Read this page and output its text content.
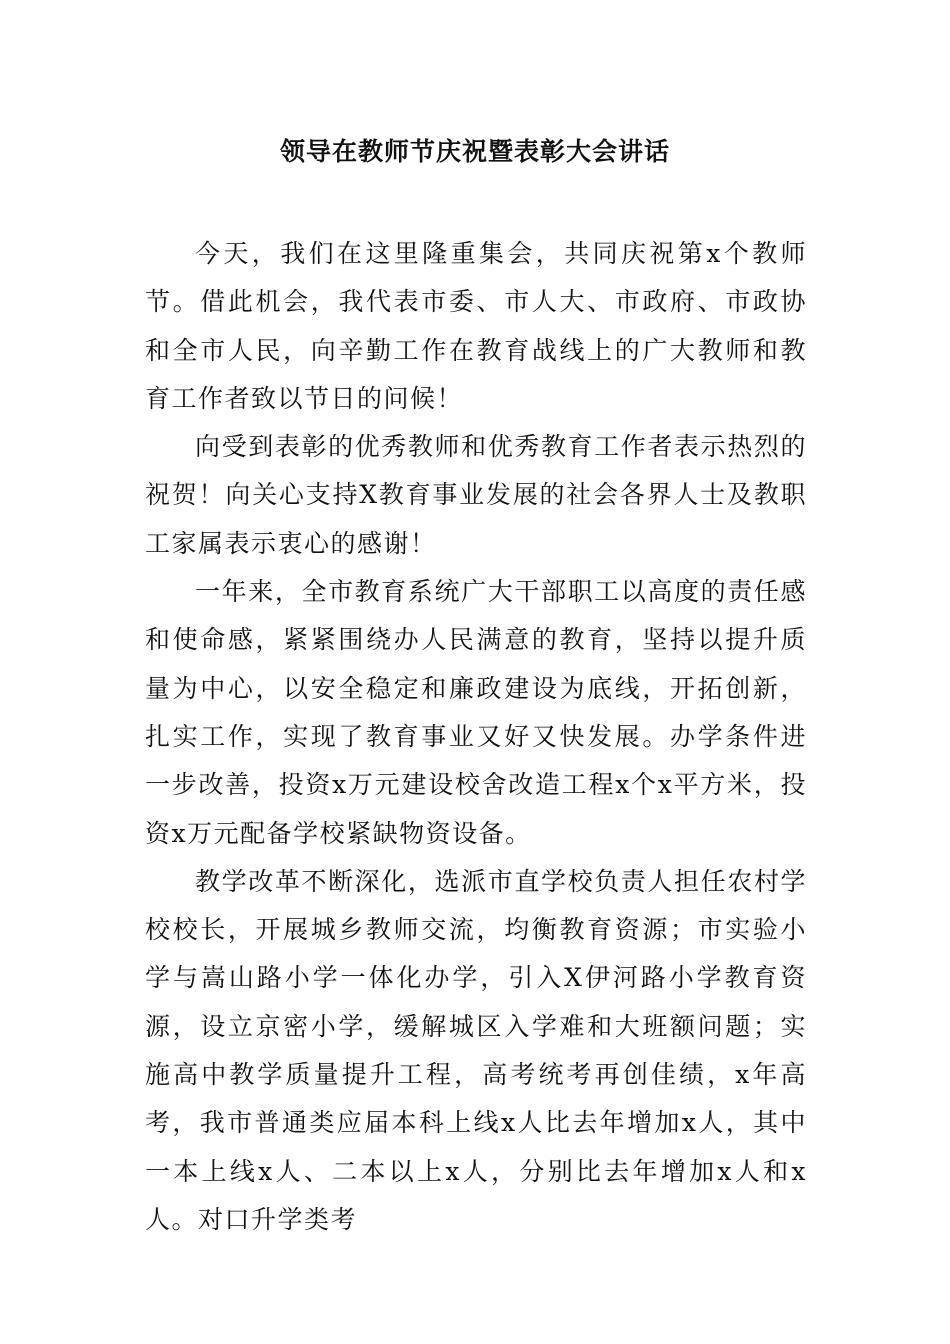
领导在教师节庆祝暨表彰大会讲话

今天，我们在这里隆重集会，共同庆祝第x个教师节。借此机会，我代表市委、市人大、市政府、市政协和全市人民，向辛勤工作在教育战线上的广大教师和教育工作者致以节日的问候！

向受到表彰的优秀教师和优秀教育工作者表示热烈的祝贺！向关心支持X教育事业发展的社会各界人士及教职工家属表示衷心的感谢！

一年来，全市教育系统广大干部职工以高度的责任感和使命感，紧紧围绕办人民满意的教育，坚持以提升质量为中心，以安全稳定和廉政建设为底线，开拓创新，扎实工作，实现了教育事业又好又快发展。办学条件进一步改善，投资x万元建设校舍改造工程x个x平方米，投资x万元配备学校紧缺物资设备。

教学改革不断深化，选派市直学校负责人担任农村学校校长，开展城乡教师交流，均衡教育资源；市实验小学与嵩山路小学一体化办学，引入X伊河路小学教育资源，设立京密小学，缓解城区入学难和大班额问题；实施高中教学质量提升工程，高考统考再创佳绩，x年高考，我市普通类应届本科上线x人比去年增加x人，其中一本上线x人、二本以上x人，分别比去年增加x人和x人。对口升学类考
